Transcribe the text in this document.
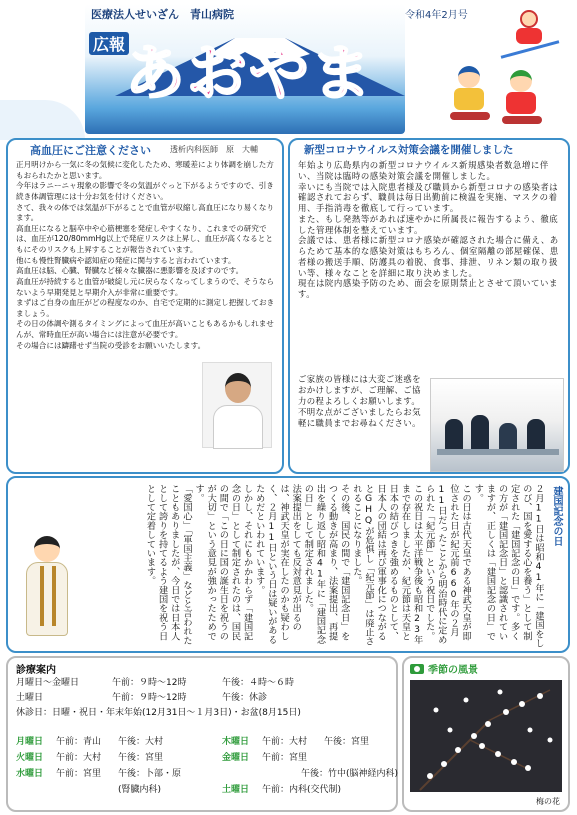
医療法人せいざん　青山病院
広報 あおやま
令和4年2月号
高血圧にご注意ください 透析内科医師　原　大輔
正月明けから一気に冬の気候に変化したため、寒暖差により体調を崩した方もおられたかと思います。
今年はラニーニャ現象の影響で冬の気温がぐっと下がるようですので、引き続き体調管理には十分お気を付けください。
さて、我々の体では気温が下がることで血管が収縮し高血圧になり易くなります。
高血圧になると脳卒中や心筋梗塞を発症しやすくなり、これまでの研究では、血圧が120/80mmHg以上で発症リスクは上昇し、血圧が高くなるとともにそのリスクも上昇することが報告されています。
他にも慢性腎臓病や認知症の発症に関与すると言われています。
高血圧は脳、心臓、腎臓など様々な臓器に悪影響を及ぼすのです。
高血圧が持続すると血管が破綻し元に戻らなくなってしまうので、そうならないよう早期発見と早期介入が非常に重要です。
まずはご自身の血圧がどの程度なのか、自宅で定期的に測定し把握しておきましょう。
その日の体調や測るタイミングによって血圧が高いこともあるかもしれませんが、常時血圧が高い場合には注意が必要です。
その場合には躊躇せず当院の受診をお願いいたします。
新型コロナウイルス対策会議を開催しました
年始より広島県内の新型コロナウイルス新規感染者数急増に伴い、当院は臨時の感染対策会議を開催しました。
幸いにも当院では入院患者様及び職員から新型コロナの感染者は確認されておらず、職員は毎日出勤前に検温を実施、マスクの着用、手指消毒を徹底して行っています。
また、もし発熱等があれば速やかに所属長に報告するよう、徹底した管理体制を整えています。
会議では、患者様に新型コロナ感染が確認された場合に備え、あらためて基本的な感染対策はもちろん、個室隔離の部屋確保、患者様の搬送手順、防護具の着脱、食事、排泄、リネン類の取り扱い等、様々なことを詳細に取り決めました。
現在は院内感染予防のため、面会を原則禁止とさせて頂いています。
ご家族の皆様には大変ご迷惑をおかけしますが、ご理解、ご協力の程よろしくお願いします。
不明な点がございましたらお気軽に職員までお尋ねください。
建国記念の日
２月11日は昭和41年に「建国をしのび、国を愛する心を養う」として制定された「建国記念の日」です。多くの方が「建国記念日」と認識されていますが、正しくは「建国記念の日」です。
この日は古代天皇である神武天皇が即位された日が紀元前660年の２月11日だったことから明治時代に定められた「紀元節」という祝日でした。
この祝日は太平洋戦争後も昭和23年まで存在しましたが、紀元節は天皇と日本の結びつきを強めるものとして、日本人の団結は再び軍事化につながるとGHQが危惧し「紀元節」は廃止されることになりました。
その後、国民の間で「建国記念日」をつくる動きが高まり、法案提出、再提出を繰り返し昭和41年に「建国記念の日」として制定されました。
法案提出をしても反対意見が出るのは、神武天皇が実在したのかも疑わしく、２月11日という日は疑いがあるためだといわれています。
しかし、それにもかかわらず「建国記念の日」として制定されたのは、国民の間で「この日に国の誕生日を祝うのが大切」という意見が強かったためです。
「愛国心」「軍国主義」などと言われたこともありましたが、今日では日本人として誇りを持てるよう建国を祝う日として定着しています。
診療案内
月曜日～金曜日	午前：９時～12時	午後：４時～６時
土曜日	午前：９時～12時	午後：休診
休診日： 日曜・祝日・年末年始(12月31日～１月3日)・お盆(8月15日)
月曜日	午前：青山	午後：大村
火曜日	午前：大村	午後：宮里
水曜日	午前：宮里	午後：卜部・原
(腎臓内科)
木曜日	午前：大村	午後：宮里
金曜日	午前：宮里
午後：竹中(脳神経内科)
土曜日	午前：内科(交代制)
季節の風景
梅の花
